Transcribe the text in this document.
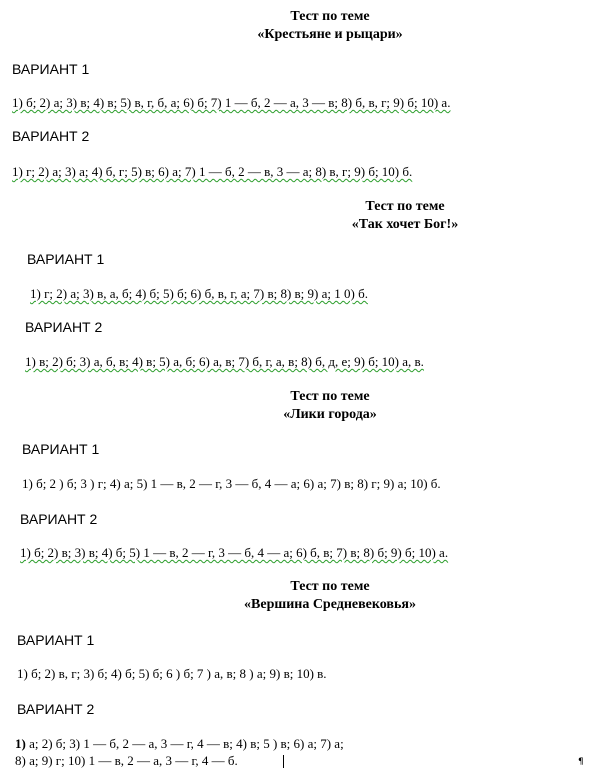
Тест по теме
«Крестьяне и рыцари»
ВАРИАНТ 1
1) б; 2) а; 3) в; 4) в; 5) в, г, б, а; 6) б; 7) 1 — б, 2 — а, 3 — в; 8) б, в, г; 9) б; 10) а.
ВАРИАНТ 2
1) г; 2) а; 3) а; 4) б, г; 5) в; 6) а; 7) 1 — б, 2 — в, 3 — а; 8) в, г; 9) б; 10) б.
Тест по теме
«Так хочет Бог!»
ВАРИАНТ 1
1) г; 2) а; 3) в, а, б; 4) б; 5) б; 6) б, в, г, а; 7) в; 8) в; 9) а; 1 0) б.
ВАРИАНТ 2
1) в; 2) б; 3) а, б, в; 4) в; 5) а, б; 6) а, в; 7) б, г, а, в; 8) б, д, е; 9) б; 10) а, в.
Тест по теме
«Лики города»
ВАРИАНТ 1
1) б; 2 ) б; 3 ) г; 4) а; 5) 1 — в, 2 — г, 3 — б, 4 — а; 6) а; 7) в; 8) г; 9) а; 10) б.
ВАРИАНТ 2
1) б; 2) в; 3) в; 4) б; 5) 1 — в, 2 — г, 3 — б, 4 — а; 6) б, в; 7) в; 8) б; 9) б; 10) а.
Тест по теме
«Вершина Средневековья»
ВАРИАНТ 1
1) б; 2) в, г; 3) б; 4) б; 5) б; 6 ) б; 7 ) а, в; 8 ) а; 9) в; 10) в.
ВАРИАНТ 2
1) а; 2) б; 3) 1 — б, 2 — а, 3 — г, 4 — в; 4) в; 5 ) в; 6) а; 7) а;
8) а; 9) г; 10) 1 — в, 2 — а, 3 — г, 4 — б.	¶
